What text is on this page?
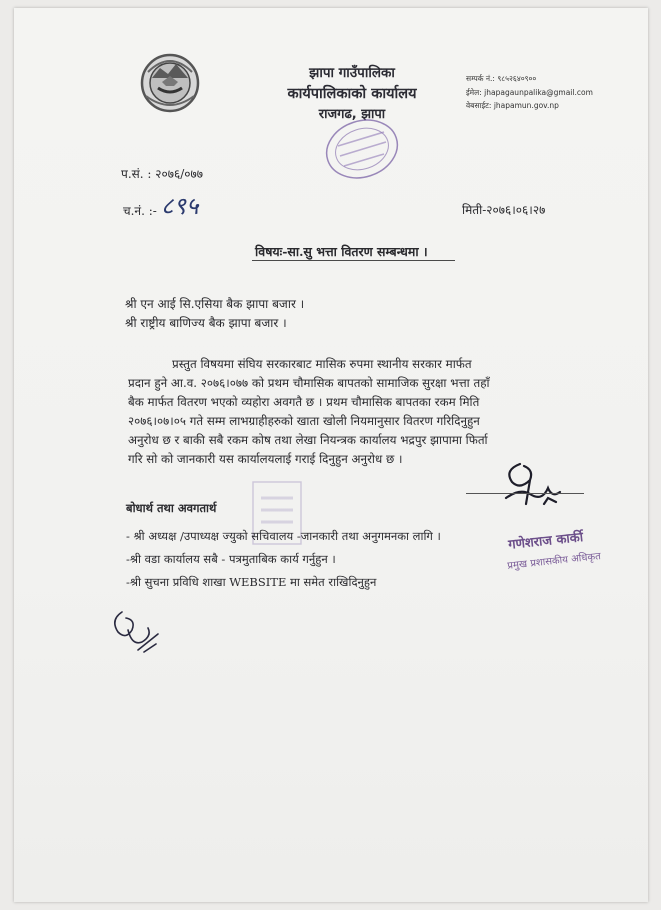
झापा गाउँपालिका
कार्यपालिकाको कार्यालय
राजगढ, झापा
सम्पर्क नं.: ९८५२६४०९००
ईमेल: jhapagaunpalika@gmail.com
वेबसाईट: jhapamun.gov.np
प.सं. : २०७६/०७७
च.नं. :- ८९५	मिती-२०७६।०६।२७
विषयः-सा.सु भत्ता वितरण सम्बन्धमा ।
श्री एन आई सि.एसिया बैक झापा बजार ।
श्री राष्ट्रीय बाणिज्य बैक झापा बजार ।
प्रस्तुत विषयमा संघिय सरकारबाट मासिक रुपमा स्थानीय सरकार मार्फत
प्रदान हुने आ.व. २०७६।०७७ को प्रथम चौमासिक बापतको सामाजिक सुरक्षा भत्ता तहाँ
बैक मार्फत वितरण भएको व्यहोरा अवगतै छ । प्रथम चौमासिक बापतका रकम मिति
२०७६।०७।०५ गते सम्म लाभग्राहीहरुको खाता खोली नियमानुसार वितरण गरिदिनुहुन
अनुरोध छ र बाकी सबै रकम कोष तथा लेखा नियन्त्रक कार्यालय भद्रपुर झापामा फिर्ता
गरि सो को जानकारी यस कार्यालयलाई गराई दिनुहुन अनुरोध छ ।
बोधार्थ तथा अवगतार्थ
- श्री अध्यक्ष /उपाध्यक्ष ज्युको सचिवालय -जानकारी तथा अनुगमनका लागि ।
-श्री वडा कार्यालय सबै - पत्रमुताबिक कार्य गर्नुहुन ।
-श्री सुचना प्रविधि शाखा WEBSITE मा समेत राखिदिनुहुन
गणेशराज कार्की
प्रमुख प्रशासकीय अधिकृत
